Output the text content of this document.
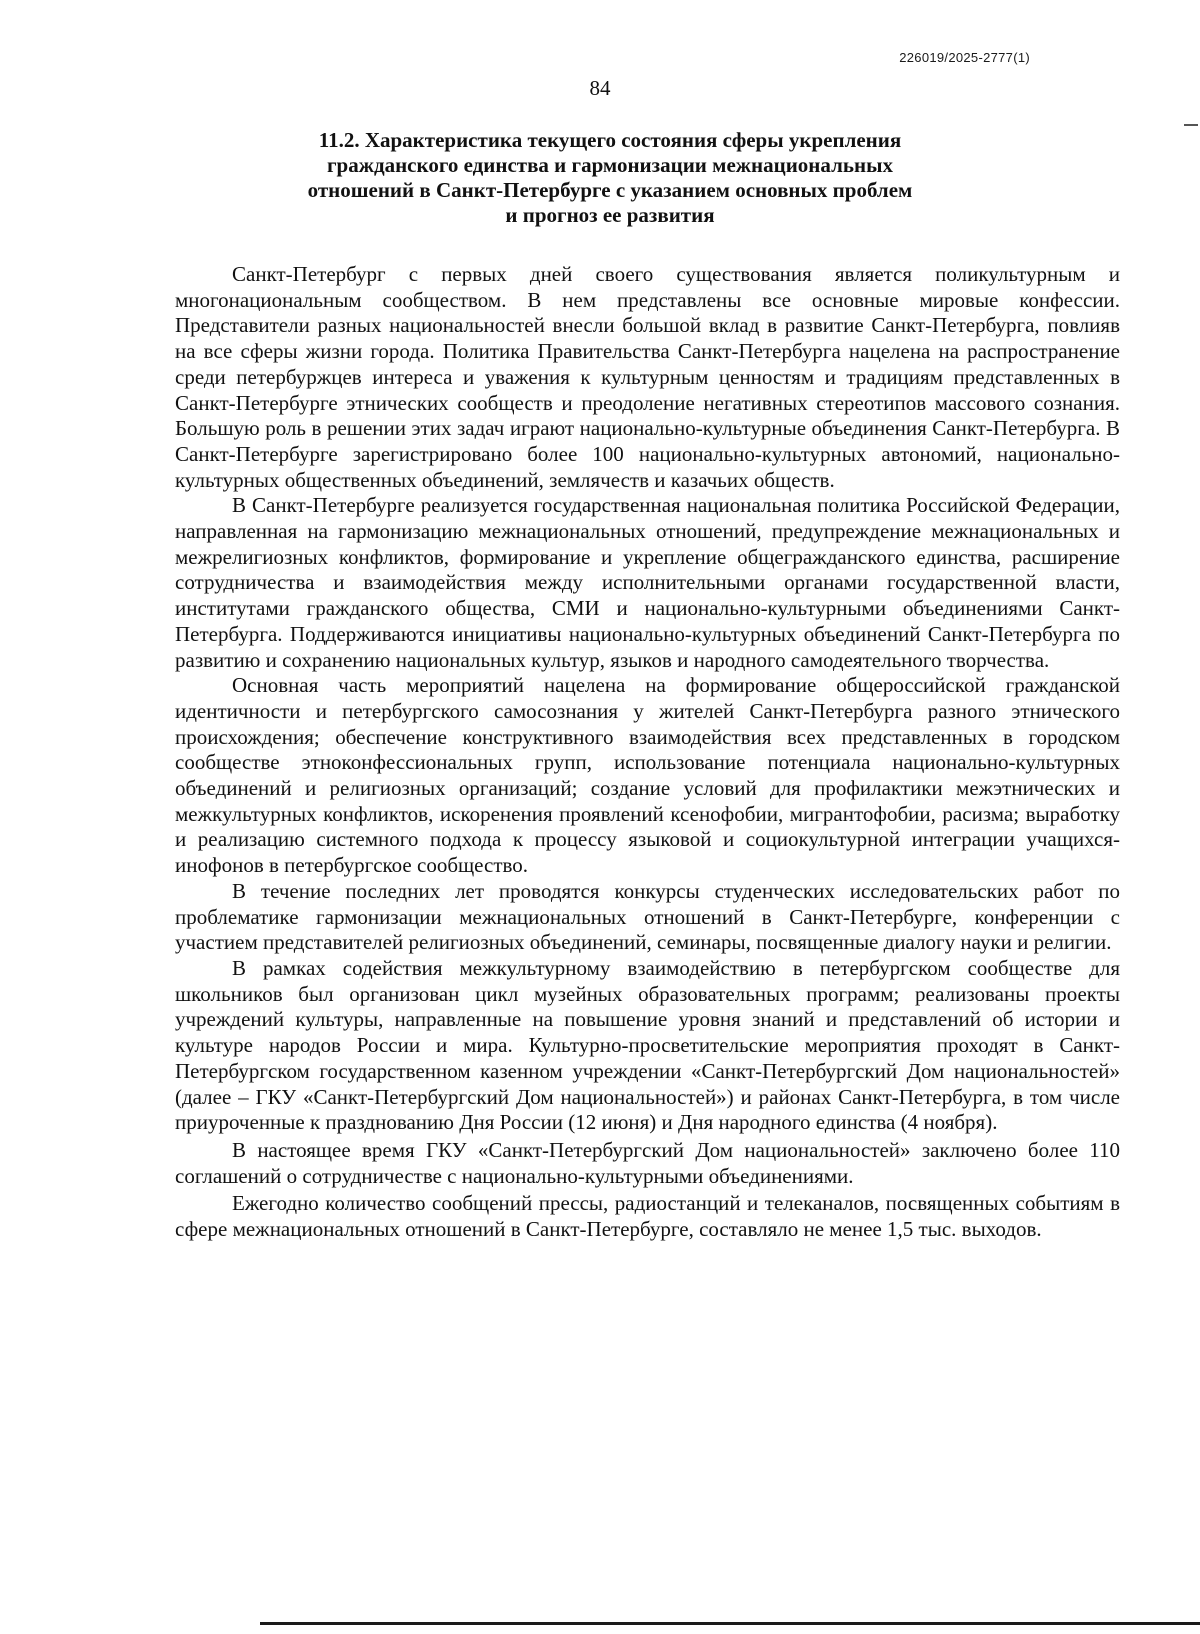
226019/2025-2777(1)
84
11.2. Характеристика текущего состояния сферы укрепления
гражданского единства и гармонизации межнациональных
отношений в Санкт-Петербурге с указанием основных проблем
и прогноз ее развития

Санкт-Петербург с первых дней своего существования является поликультурным и многонациональным сообществом. В нем представлены все основные мировые конфессии. Представители разных национальностей внесли большой вклад в развитие Санкт-Петербурга, повлияв на все сферы жизни города. Политика Правительства Санкт-Петербурга нацелена на распространение среди петербуржцев интереса и уважения к культурным ценностям и традициям представленных в Санкт-Петербурге этнических сообществ и преодоление негативных стереотипов массового сознания. Большую роль в решении этих задач играют национально-культурные объединения Санкт-Петербурга. В Санкт-Петербурге зарегистрировано более 100 национально-культурных автономий, национально-культурных общественных объединений, землячеств и казачьих обществ.

В Санкт-Петербурге реализуется государственная национальная политика Российской Федерации, направленная на гармонизацию межнациональных отношений, предупреждение межнациональных и межрелигиозных конфликтов, формирование и укрепление общегражданского единства, расширение сотрудничества и взаимодействия между исполнительными органами государственной власти, институтами гражданского общества, СМИ и национально-культурными объединениями Санкт-Петербурга. Поддерживаются инициативы национально-культурных объединений Санкт-Петербурга по развитию и сохранению национальных культур, языков и народного самодеятельного творчества.

Основная часть мероприятий нацелена на формирование общероссийской гражданской идентичности и петербургского самосознания у жителей Санкт-Петербурга разного этнического происхождения; обеспечение конструктивного взаимодействия всех представленных в городском сообществе этноконфессиональных групп, использование потенциала национально-культурных объединений и религиозных организаций; создание условий для профилактики межэтнических и межкультурных конфликтов, искоренения проявлений ксенофобии, мигрантофобии, расизма; выработку и реализацию системного подхода к процессу языковой и социокультурной интеграции учащихся-инофонов в петербургское сообщество.

В течение последних лет проводятся конкурсы студенческих исследовательских работ по проблематике гармонизации межнациональных отношений в Санкт-Петербурге, конференции с участием представителей религиозных объединений, семинары, посвященные диалогу науки и религии.

В рамках содействия межкультурному взаимодействию в петербургском сообществе для школьников был организован цикл музейных образовательных программ; реализованы проекты учреждений культуры, направленные на повышение уровня знаний и представлений об истории и культуре народов России и мира. Культурно-просветительские мероприятия проходят в Санкт-Петербургском государственном казенном учреждении «Санкт-Петербургский Дом национальностей» (далее – ГКУ «Санкт-Петербургский Дом национальностей») и районах Санкт-Петербурга, в том числе приуроченные к празднованию Дня России (12 июня) и Дня народного единства (4 ноября).

В настоящее время ГКУ «Санкт-Петербургский Дом национальностей» заключено более 110 соглашений о сотрудничестве с национально-культурными объединениями.

Ежегодно количество сообщений прессы, радиостанций и телеканалов, посвященных событиям в сфере межнациональных отношений в Санкт-Петербурге, составляло не менее 1,5 тыс. выходов.
